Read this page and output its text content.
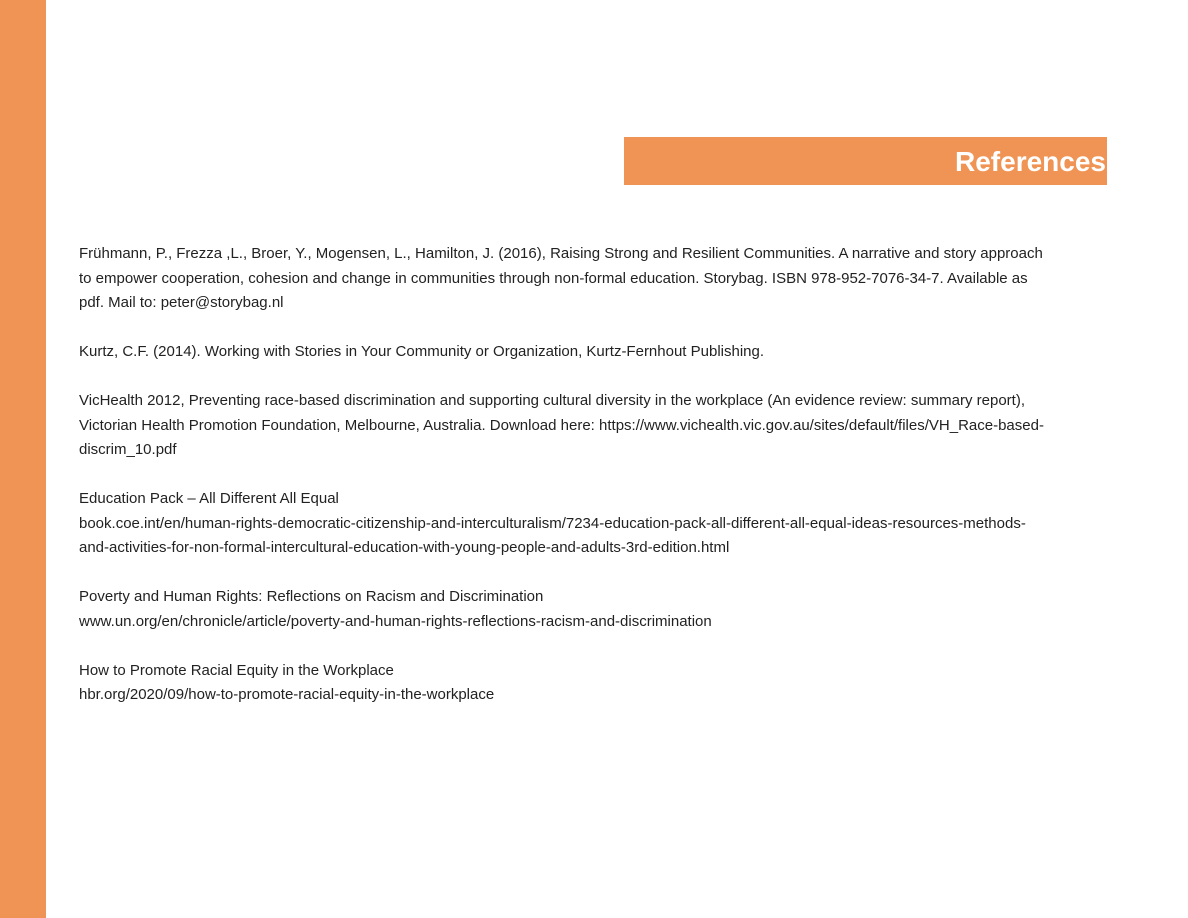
References
Frühmann, P., Frezza ,L., Broer, Y., Mogensen, L., Hamilton, J. (2016), Raising Strong and Resilient Communities. A narrative and story approach
to empower cooperation, cohesion and change in communities through non-formal education. Storybag. ISBN 978-952-7076-34-7. Available as
pdf. Mail to: peter@storybag.nl
Kurtz, C.F. (2014). Working with Stories in Your Community or Organization, Kurtz-Fernhout Publishing.
VicHealth 2012, Preventing race-based discrimination and supporting cultural diversity in the workplace (An evidence review: summary report),
Victorian Health Promotion Foundation, Melbourne, Australia. Download here: https://www.vichealth.vic.gov.au/sites/default/files/VH_Race-based-
discrim_10.pdf
Education Pack – All Different All Equal
book.coe.int/en/human-rights-democratic-citizenship-and-interculturalism/7234-education-pack-all-different-all-equal-ideas-resources-methods-
and-activities-for-non-formal-intercultural-education-with-young-people-and-adults-3rd-edition.html
Poverty and Human Rights: Reflections on Racism and Discrimination
www.un.org/en/chronicle/article/poverty-and-human-rights-reflections-racism-and-discrimination
How to Promote Racial Equity in the Workplace
hbr.org/2020/09/how-to-promote-racial-equity-in-the-workplace
